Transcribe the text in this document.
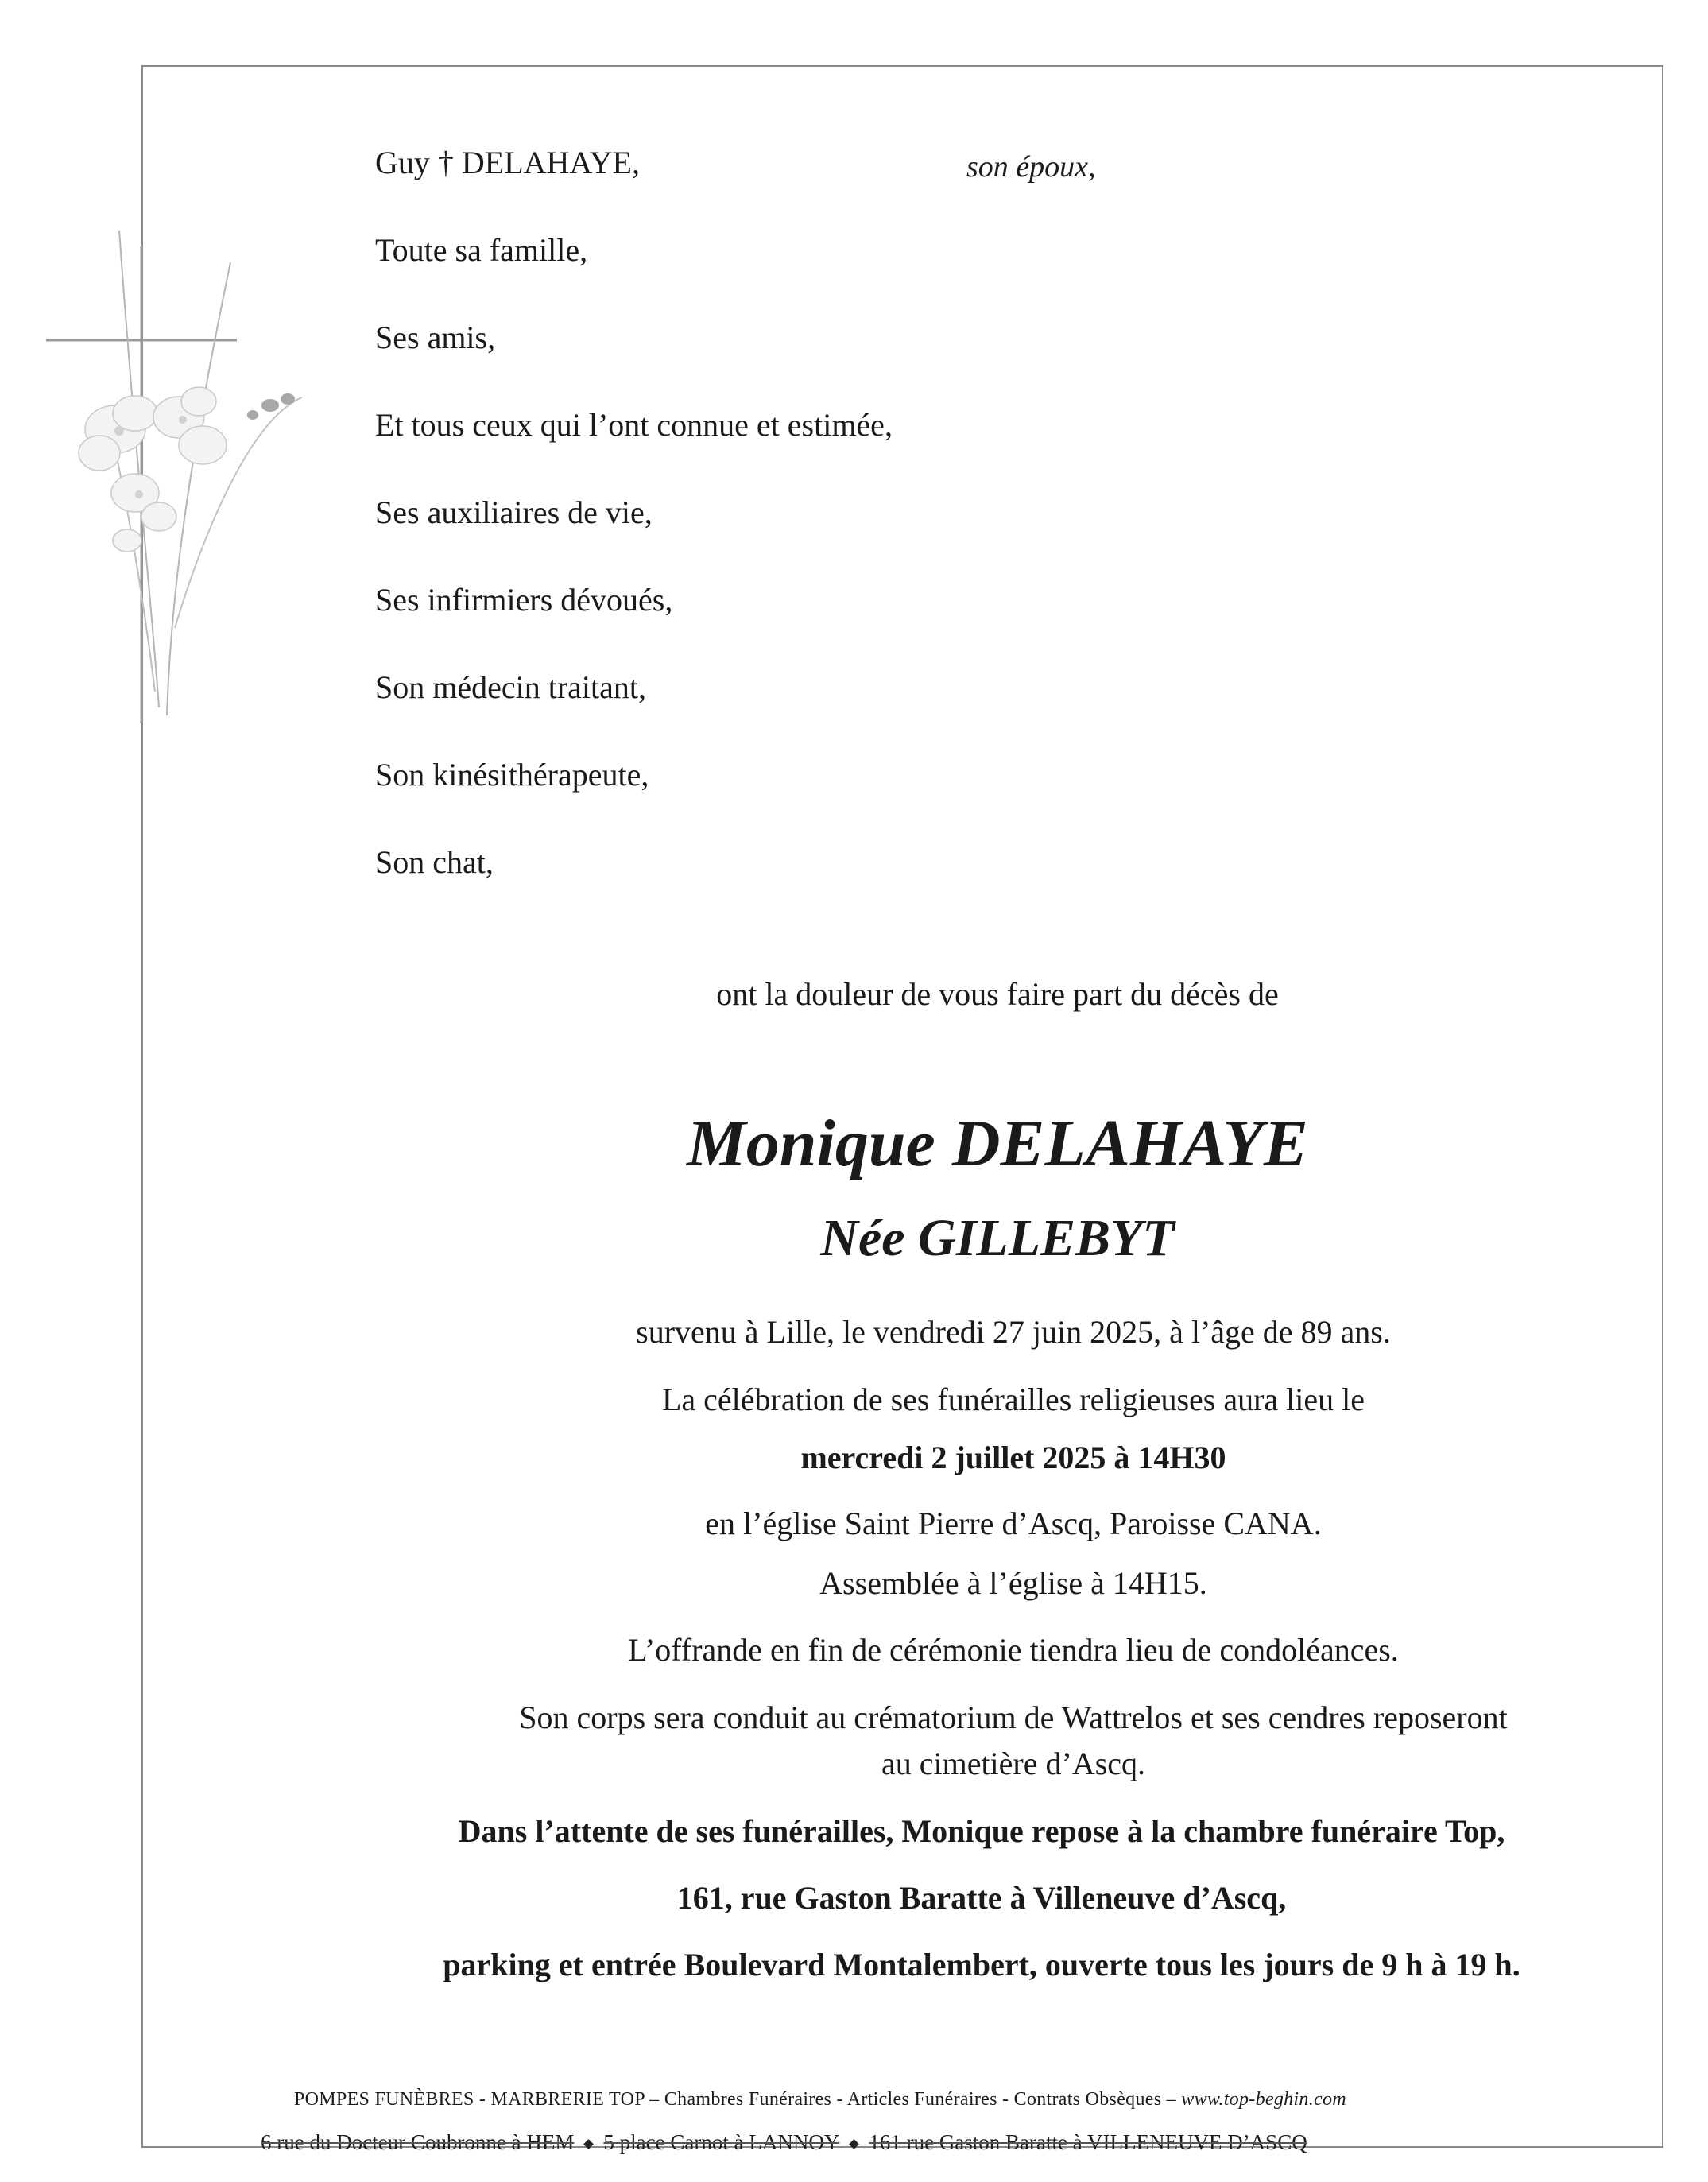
Guy † DELAHAYE,	son époux,
Toute sa famille,
Ses amis,
Et tous ceux qui l’ont connue et estimée,
Ses auxiliaires de vie,
Ses infirmiers dévoués,
Son médecin traitant,
Son kinésithérapeute,
Son chat,
ont la douleur de vous faire part du décès de
Monique DELAHAYE
Née GILLEBYT
survenu à Lille, le vendredi 27 juin 2025, à l’âge de 89 ans.
La célébration de ses funérailles religieuses aura lieu le
mercredi 2 juillet 2025 à 14H30
en l’église Saint Pierre d’Ascq, Paroisse CANA.
Assemblée à l’église à 14H15.
L’offrande en fin de cérémonie tiendra lieu de condoléances.
Son corps sera conduit au crématorium de Wattrelos et ses cendres reposeront
au cimetière d’Ascq.
Dans l’attente de ses funérailles, Monique repose à la chambre funéraire Top,
161, rue Gaston Baratte à Villeneuve d’Ascq,
parking et entrée Boulevard Montalembert, ouverte tous les jours de 9 h à 19 h.
POMPES FUNÈBRES - MARBRERIE TOP – Chambres Funéraires - Articles Funéraires - Contrats Obsèques – www.top-beghin.com
6 rue du Docteur Coubronne à HEM 5 place Carnot à LANNOY 161 rue Gaston Baratte à VILLENEUVE D’ASCQ
